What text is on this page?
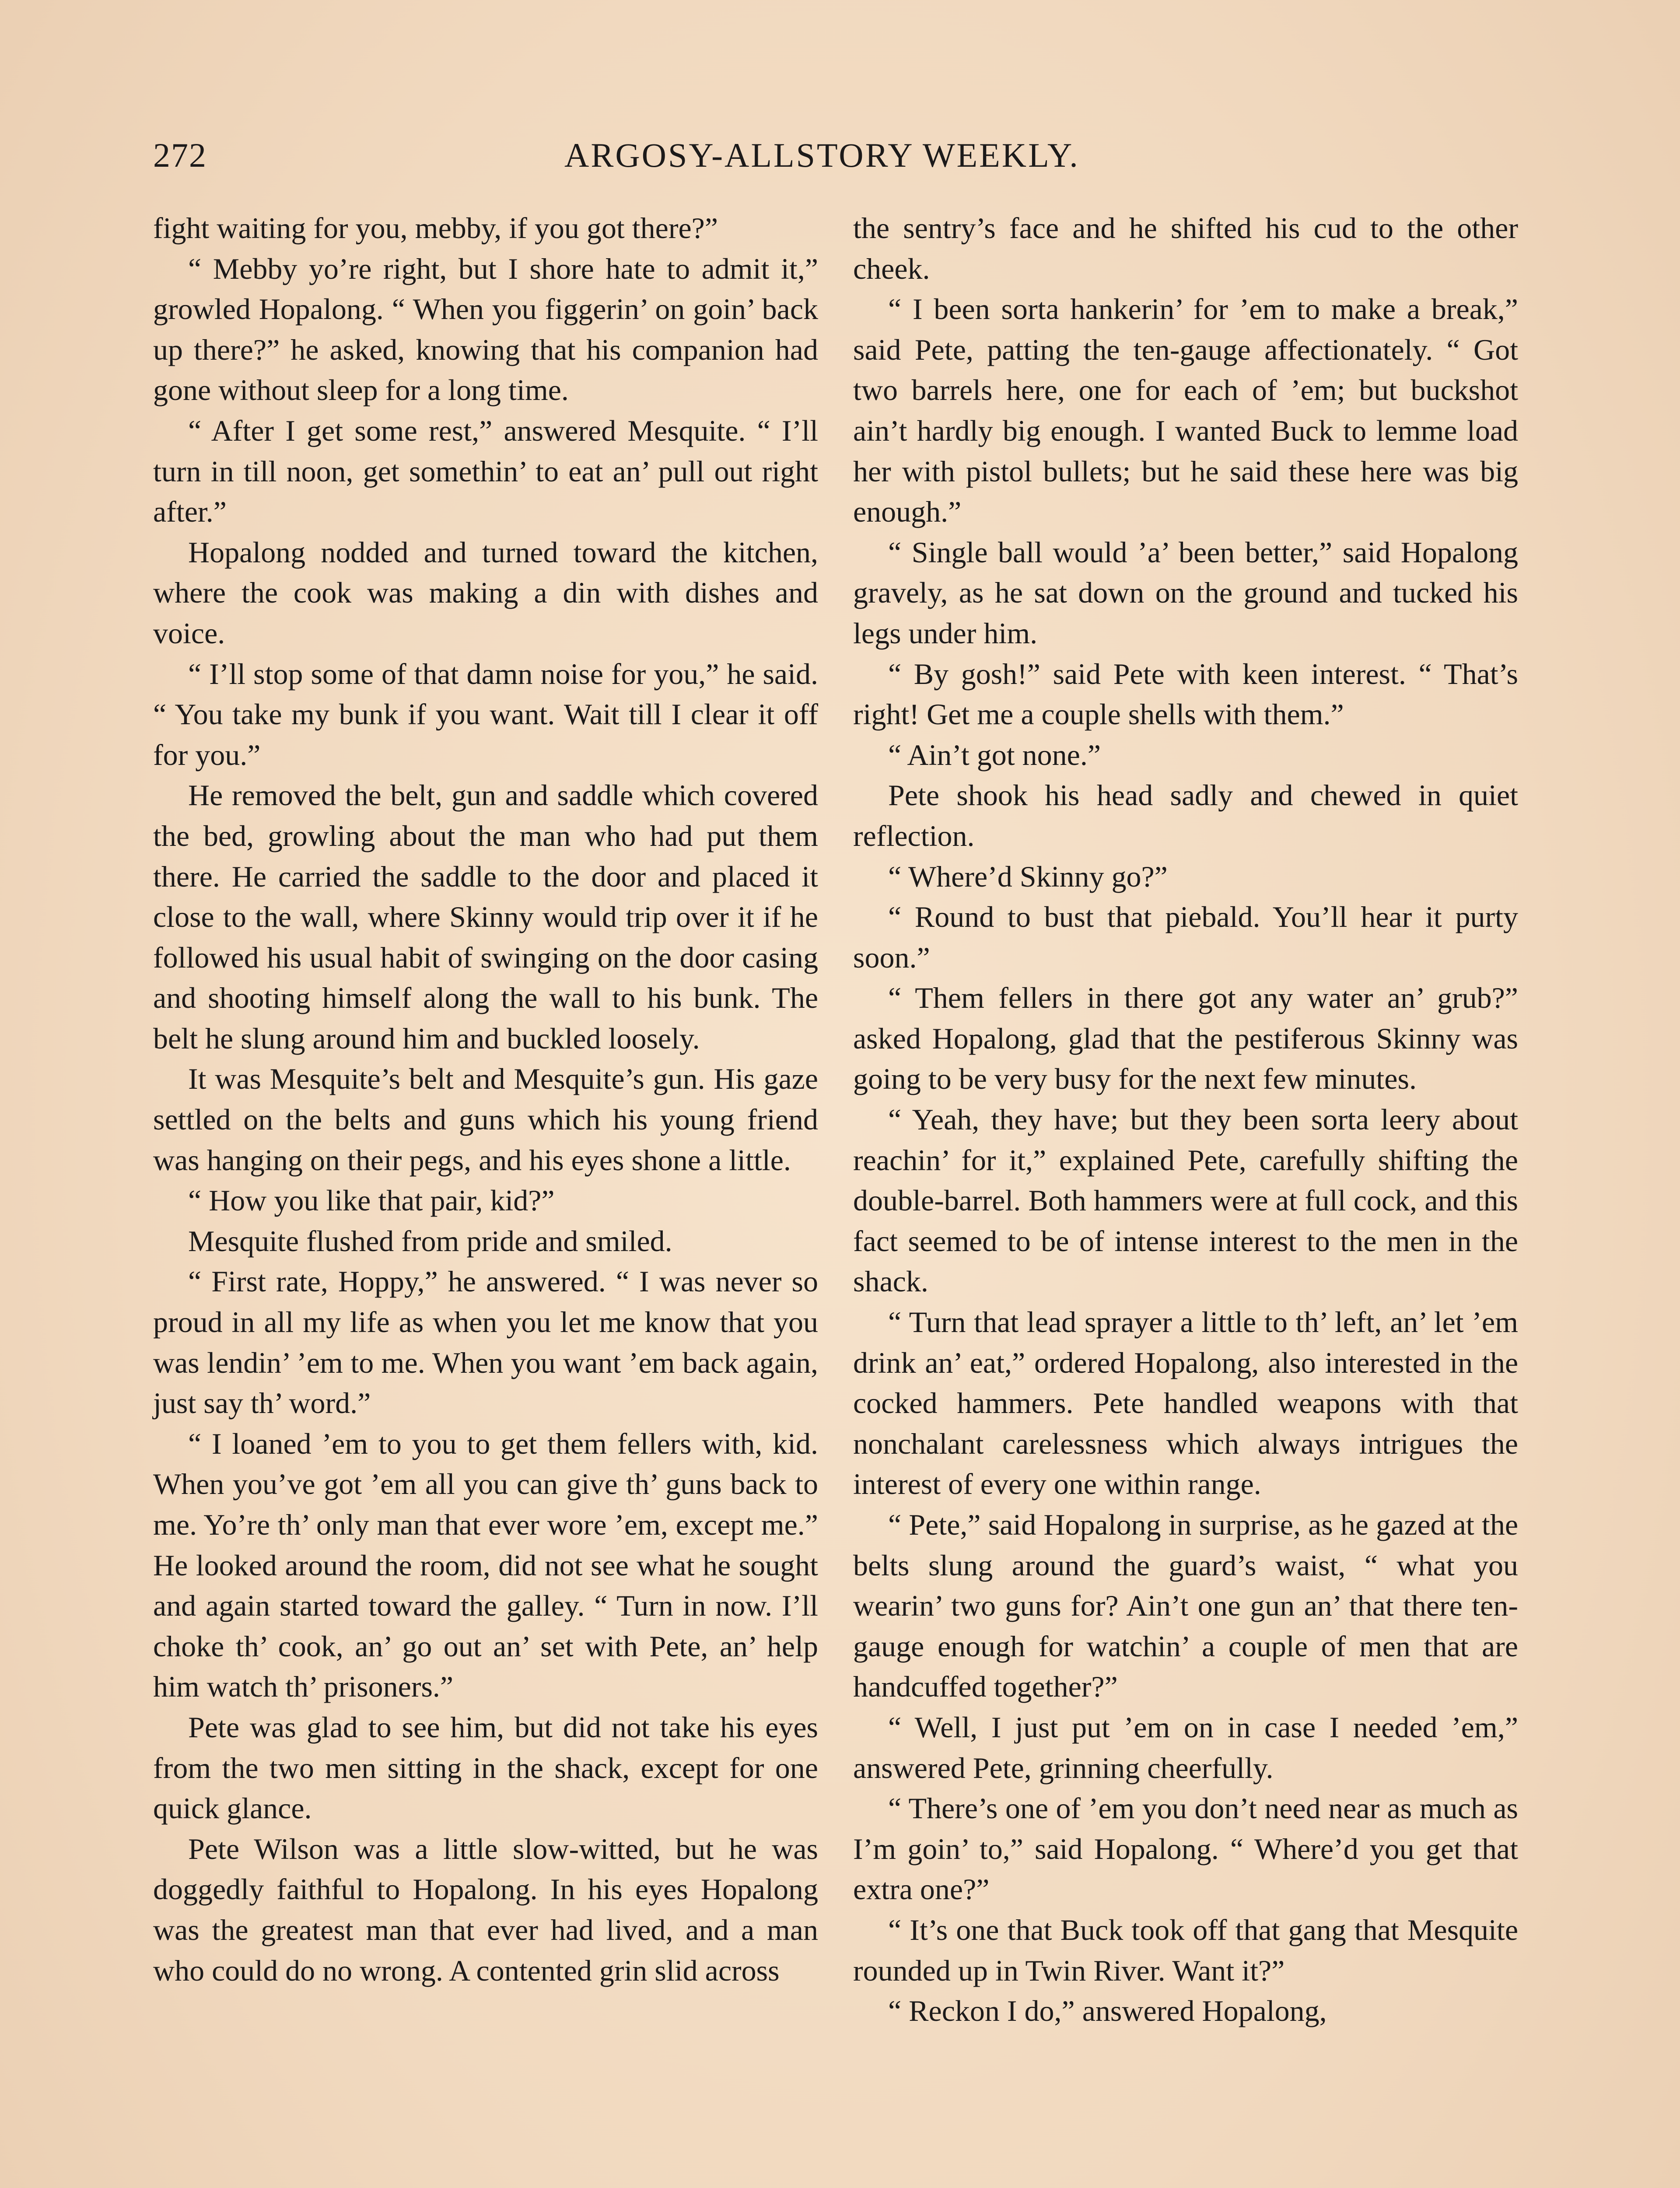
272	ARGOSY-ALLSTORY WEEKLY.

fight waiting for you, mebby, if you got there?”

“ Mebby yo’re right, but I shore hate to admit it,” growled Hopalong. “ When you figgerin’ on goin’ back up there?” he asked, knowing that his companion had gone without sleep for a long time.

“ After I get some rest,” answered Mesquite. “ I’ll turn in till noon, get somethin’ to eat an’ pull out right after.”

Hopalong nodded and turned toward the kitchen, where the cook was making a din with dishes and voice.

“ I’ll stop some of that damn noise for you,” he said. “ You take my bunk if you want. Wait till I clear it off for you.”

He removed the belt, gun and saddle which covered the bed, growling about the man who had put them there. He carried the saddle to the door and placed it close to the wall, where Skinny would trip over it if he followed his usual habit of swinging on the door casing and shooting himself along the wall to his bunk. The belt he slung around him and buckled loosely.

It was Mesquite’s belt and Mesquite’s gun. His gaze settled on the belts and guns which his young friend was hanging on their pegs, and his eyes shone a little.

“ How you like that pair, kid?”

Mesquite flushed from pride and smiled.

“ First rate, Hoppy,” he answered. “ I was never so proud in all my life as when you let me know that you was lendin’ ’em to me. When you want ’em back again, just say th’ word.”

“ I loaned ’em to you to get them fellers with, kid. When you’ve got ’em all you can give th’ guns back to me. Yo’re th’ only man that ever wore ’em, except me.” He looked around the room, did not see what he sought and again started toward the galley. “ Turn in now. I’ll choke th’ cook, an’ go out an’ set with Pete, an’ help him watch th’ prisoners.”

Pete was glad to see him, but did not take his eyes from the two men sitting in the shack, except for one quick glance.

Pete Wilson was a little slow-witted, but he was doggedly faithful to Hopalong. In his eyes Hopalong was the greatest man that ever had lived, and a man who could do no wrong. A contented grin slid across

the sentry’s face and he shifted his cud to the other cheek.

“ I been sorta hankerin’ for ’em to make a break,” said Pete, patting the ten-gauge affectionately. “ Got two barrels here, one for each of ’em; but buckshot ain’t hardly big enough. I wanted Buck to lemme load her with pistol bullets; but he said these here was big enough.”

“ Single ball would ’a’ been better,” said Hopalong gravely, as he sat down on the ground and tucked his legs under him.

“ By gosh!” said Pete with keen interest. “ That’s right! Get me a couple shells with them.”

“ Ain’t got none.”

Pete shook his head sadly and chewed in quiet reflection.

“ Where’d Skinny go?”

“ Round to bust that piebald. You’ll hear it purty soon.”

“ Them fellers in there got any water an’ grub?” asked Hopalong, glad that the pestiferous Skinny was going to be very busy for the next few minutes.

“ Yeah, they have; but they been sorta leery about reachin’ for it,” explained Pete, carefully shifting the double-barrel. Both hammers were at full cock, and this fact seemed to be of intense interest to the men in the shack.

“ Turn that lead sprayer a little to th’ left, an’ let ’em drink an’ eat,” ordered Hopalong, also interested in the cocked hammers. Pete handled weapons with that nonchalant carelessness which always intrigues the interest of every one within range.

“ Pete,” said Hopalong in surprise, as he gazed at the belts slung around the guard’s waist, “ what you wearin’ two guns for? Ain’t one gun an’ that there ten-gauge enough for watchin’ a couple of men that are handcuffed together?”

“ Well, I just put ’em on in case I needed ’em,” answered Pete, grinning cheerfully.

“ There’s one of ’em you don’t need near as much as I’m goin’ to,” said Hopalong. “ Where’d you get that extra one?”

“ It’s one that Buck took off that gang that Mesquite rounded up in Twin River. Want it?”

“ Reckon I do,” answered Hopalong,
